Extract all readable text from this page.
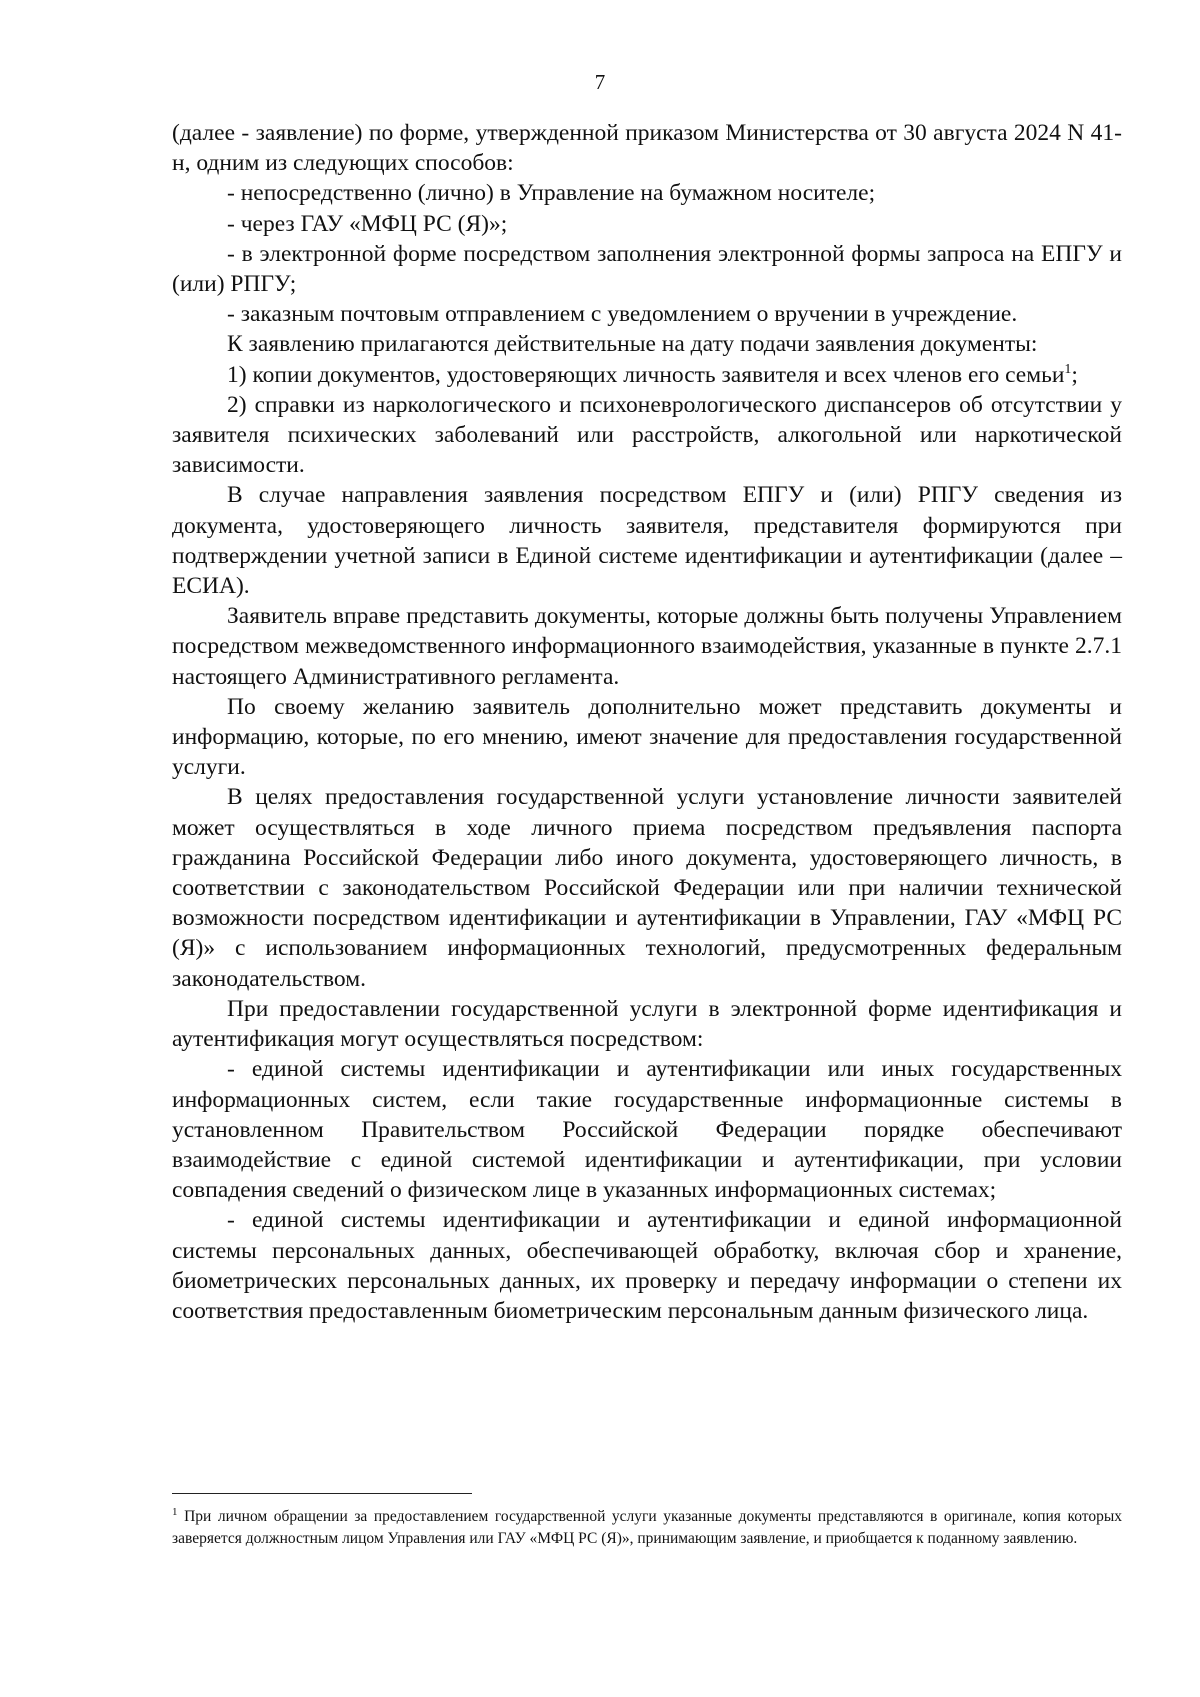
7

(далее - заявление) по форме, утвержденной приказом Министерства от 30 августа 2024 N 41-н, одним из следующих способов:

- непосредственно (лично) в Управление на бумажном носителе;

- через ГАУ «МФЦ РС (Я)»;

- в электронной форме посредством заполнения электронной формы запроса на ЕПГУ и (или) РПГУ;

- заказным почтовым отправлением с уведомлением о вручении в учреждение.

К заявлению прилагаются действительные на дату подачи заявления документы:

1) копии документов, удостоверяющих личность заявителя и всех членов его семьи$^1$;

2) справки из наркологического и психоневрологического диспансеров об отсутствии у заявителя психических заболеваний или расстройств, алкогольной или наркотической зависимости.

В случае направления заявления посредством ЕПГУ и (или) РПГУ сведения из документа, удостоверяющего личность заявителя, представителя формируются при подтверждении учетной записи в Единой системе идентификации и аутентификации (далее – ЕСИА).

Заявитель вправе представить документы, которые должны быть получены Управлением посредством межведомственного информационного взаимодействия, указанные в пункте 2.7.1 настоящего Административного регламента.

По своему желанию заявитель дополнительно может представить документы и информацию, которые, по его мнению, имеют значение для предоставления государственной услуги.

В целях предоставления государственной услуги установление личности заявителей может осуществляться в ходе личного приема посредством предъявления паспорта гражданина Российской Федерации либо иного документа, удостоверяющего личность, в соответствии с законодательством Российской Федерации или при наличии технической возможности посредством идентификации и аутентификации в Управлении, ГАУ «МФЦ РС (Я)» с использованием информационных технологий, предусмотренных федеральным законодательством.

При предоставлении государственной услуги в электронной форме идентификация и аутентификация могут осуществляться посредством:

- единой системы идентификации и аутентификации или иных государственных информационных систем, если такие государственные информационные системы в установленном Правительством Российской Федерации порядке обеспечивают взаимодействие с единой системой идентификации и аутентификации, при условии совпадения сведений о физическом лице в указанных информационных системах;

- единой системы идентификации и аутентификации и единой информационной системы персональных данных, обеспечивающей обработку, включая сбор и хранение, биометрических персональных данных, их проверку и передачу информации о степени их соответствия предоставленным биометрическим персональным данным физического лица.

$^1$ При личном обращении за предоставлением государственной услуги указанные документы представляются в оригинале, копия которых заверяется должностным лицом Управления или ГАУ «МФЦ РС (Я)», принимающим заявление, и приобщается к поданному заявлению.
